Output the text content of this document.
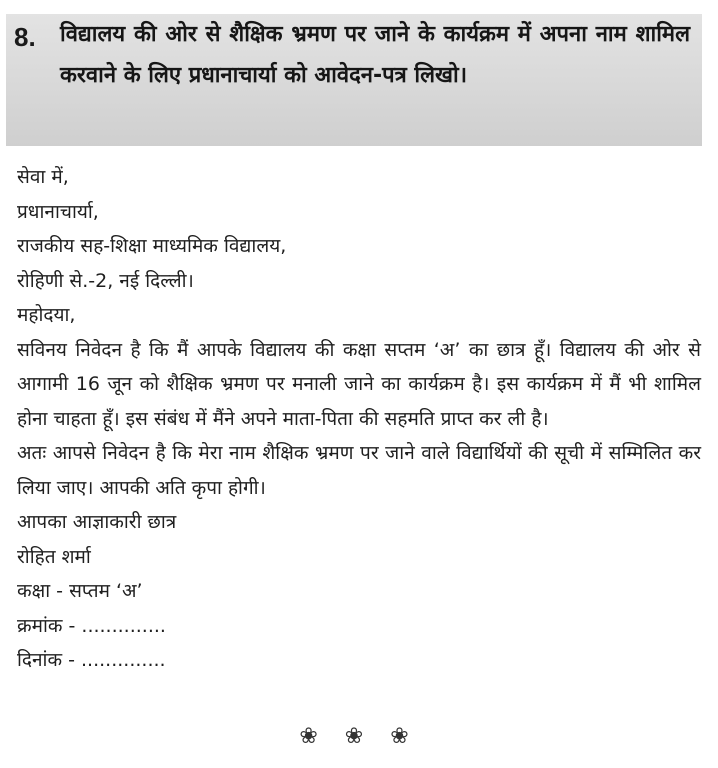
8. विद्यालय की ओर से शैक्षिक भ्रमण पर जाने के कार्यक्रम में अपना नाम शामिल करवाने के लिए प्रधानाचार्या को आवेदन-पत्र लिखो।
सेवा में,
प्रधानाचार्या,
राजकीय सह-शिक्षा माध्यमिक विद्यालय,
रोहिणी से.-2, नई दिल्ली।
महोदया,
सविनय निवेदन है कि मैं आपके विद्यालय की कक्षा सप्तम ‘अ’ का छात्र हूँ। विद्यालय की ओर से आगामी 16 जून को शैक्षिक भ्रमण पर मनाली जाने का कार्यक्रम है। इस कार्यक्रम में मैं भी शामिल होना चाहता हूँ। इस संबंध में मैंने अपने माता-पिता की सहमति प्राप्त कर ली है।
अतः आपसे निवेदन है कि मेरा नाम शैक्षिक भ्रमण पर जाने वाले विद्यार्थियों की सूची में सम्मिलित कर लिया जाए। आपकी अति कृपा होगी।
आपका आज्ञाकारी छात्र
रोहित शर्मा
कक्षा - सप्तम ‘अ’
क्रमांक - ..............
दिनांक - ..............
❀ ❀ ❀
